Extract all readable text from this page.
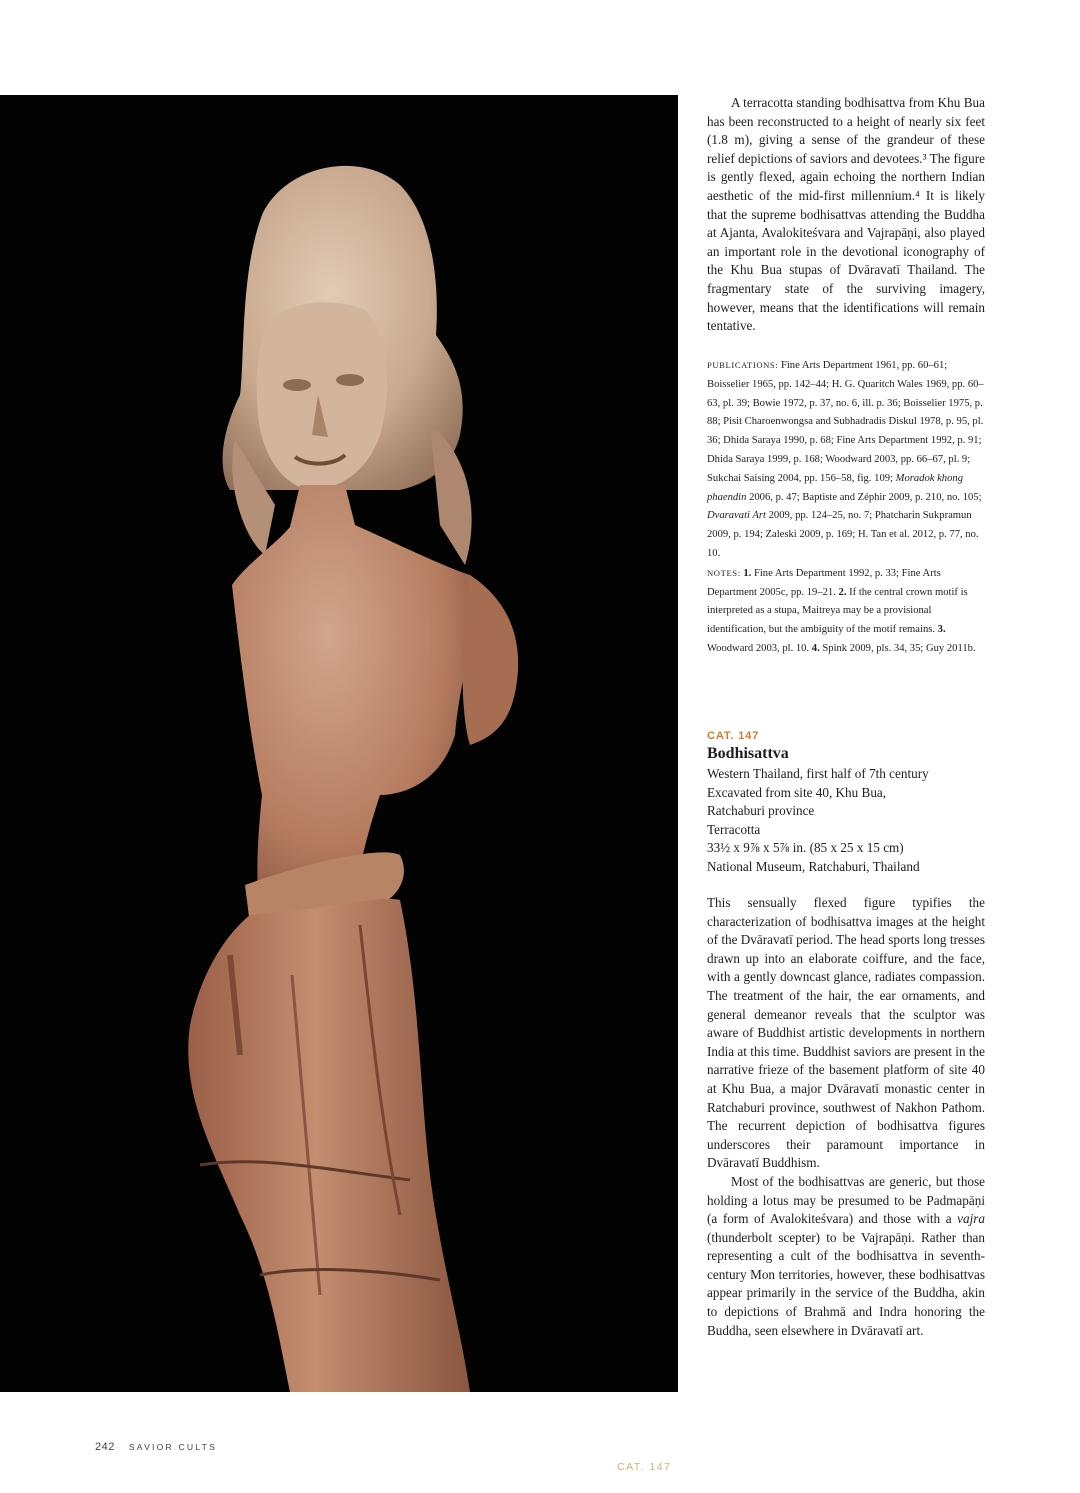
CAT. 147

A terracotta standing bodhisattva from Khu Bua has been reconstructed to a height of nearly six feet (1.8 m), giving a sense of the grandeur of these relief depictions of saviors and devotees.³ The figure is gently flexed, again echoing the northern Indian aesthetic of the mid-first millennium.⁴ It is likely that the supreme bodhisattvas attending the Buddha at Ajanta, Avalokiteśvara and Vajrapāṇi, also played an important role in the devotional iconography of the Khu Bua stupas of Dvāravatī Thailand. The fragmentary state of the surviving imagery, however, means that the identifications will remain tentative.

PUBLICATIONS: Fine Arts Department 1961, pp. 60–61; Boisselier 1965, pp. 142–44; H. G. Quaritch Wales 1969, pp. 60–63, pl. 39; Bowie 1972, p. 37, no. 6, ill. p. 36; Boisselier 1975, p. 88; Pisit Charoenwongsa and Subhadradis Diskul 1978, p. 95, pl. 36; Dhida Saraya 1990, p. 68; Fine Arts Department 1992, p. 91; Dhida Saraya 1999, p. 168; Woodward 2003, pp. 66–67, pl. 9; Sukchai Saising 2004, pp. 156–58, fig. 109; Moradok khong phaendin 2006, p. 47; Baptiste and Zéphir 2009, p. 210, no. 105; Dvaravati Art 2009, pp. 124–25, no. 7; Phatcharin Sukpramun 2009, p. 194; Zaleski 2009, p. 169; H. Tan et al. 2012, p. 77, no. 10.

NOTES: 1. Fine Arts Department 1992, p. 33; Fine Arts Department 2005c, pp. 19–21. 2. If the central crown motif is interpreted as a stupa, Maitreya may be a provisional identification, but the ambiguity of the motif remains. 3. Woodward 2003, pl. 10. 4. Spink 2009, pls. 34, 35; Guy 2011b.

CAT. 147

Bodhisattva

Western Thailand, first half of 7th century
Excavated from site 40, Khu Bua,
Ratchaburi province
Terracotta
33½ x 9⅞ x 5⅞ in. (85 x 25 x 15 cm)
National Museum, Ratchaburi, Thailand

This sensually flexed figure typifies the characterization of bodhisattva images at the height of the Dvāravatī period. The head sports long tresses drawn up into an elaborate coiffure, and the face, with a gently downcast glance, radiates compassion. The treatment of the hair, the ear ornaments, and general demeanor reveals that the sculptor was aware of Buddhist artistic developments in northern India at this time. Buddhist saviors are present in the narrative frieze of the basement platform of site 40 at Khu Bua, a major Dvāravatī monastic center in Ratchaburi province, southwest of Nakhon Pathom. The recurrent depiction of bodhisattva figures underscores their paramount importance in Dvāravatī Buddhism.

Most of the bodhisattvas are generic, but those holding a lotus may be presumed to be Padmapāṇi (a form of Avalokiteśvara) and those with a vajra (thunderbolt scepter) to be Vajrapāṇi. Rather than representing a cult of the bodhisattva in seventh-century Mon territories, however, these bodhisattvas appear primarily in the service of the Buddha, akin to depictions of Brahmā and Indra honoring the Buddha, seen elsewhere in Dvāravatī art.

242 SAVIOR CULTS
